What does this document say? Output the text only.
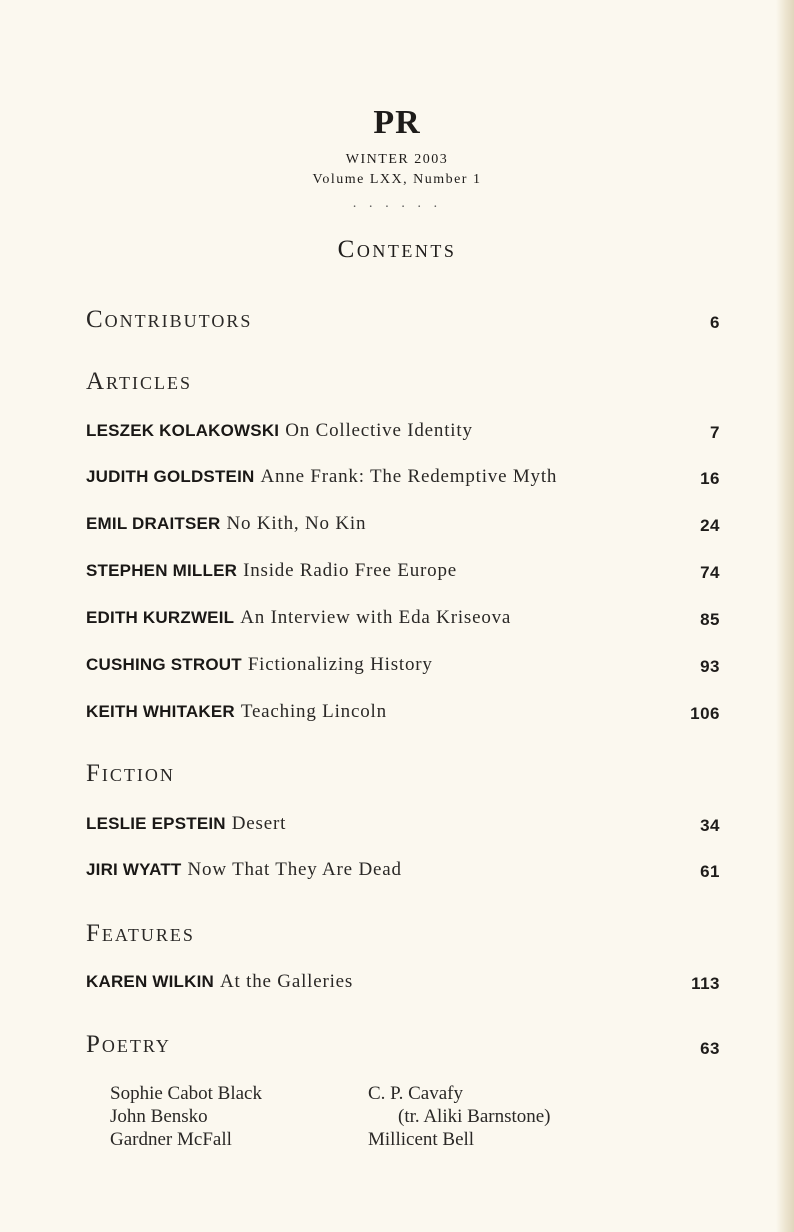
PR
WINTER 2003
Volume LXX, Number 1
· · · · · ·
Contents
Contributors	6
Articles
LESZEK KOLAKOWSKI On Collective Identity	7
JUDITH GOLDSTEIN Anne Frank: The Redemptive Myth	16
EMIL DRAITSER No Kith, No Kin	24
STEPHEN MILLER Inside Radio Free Europe	74
EDITH KURZWEIL An Interview with Eda Kriseova	85
CUSHING STROUT Fictionalizing History	93
KEITH WHITAKER Teaching Lincoln	106
Fiction
LESLIE EPSTEIN Desert	34
JIRI WYATT Now That They Are Dead	61
Features
KAREN WILKIN At the Galleries	113
Poetry	63
Sophie Cabot Black
John Bensko
Gardner McFall
C. P. Cavafy
(tr. Aliki Barnstone)
Millicent Bell
